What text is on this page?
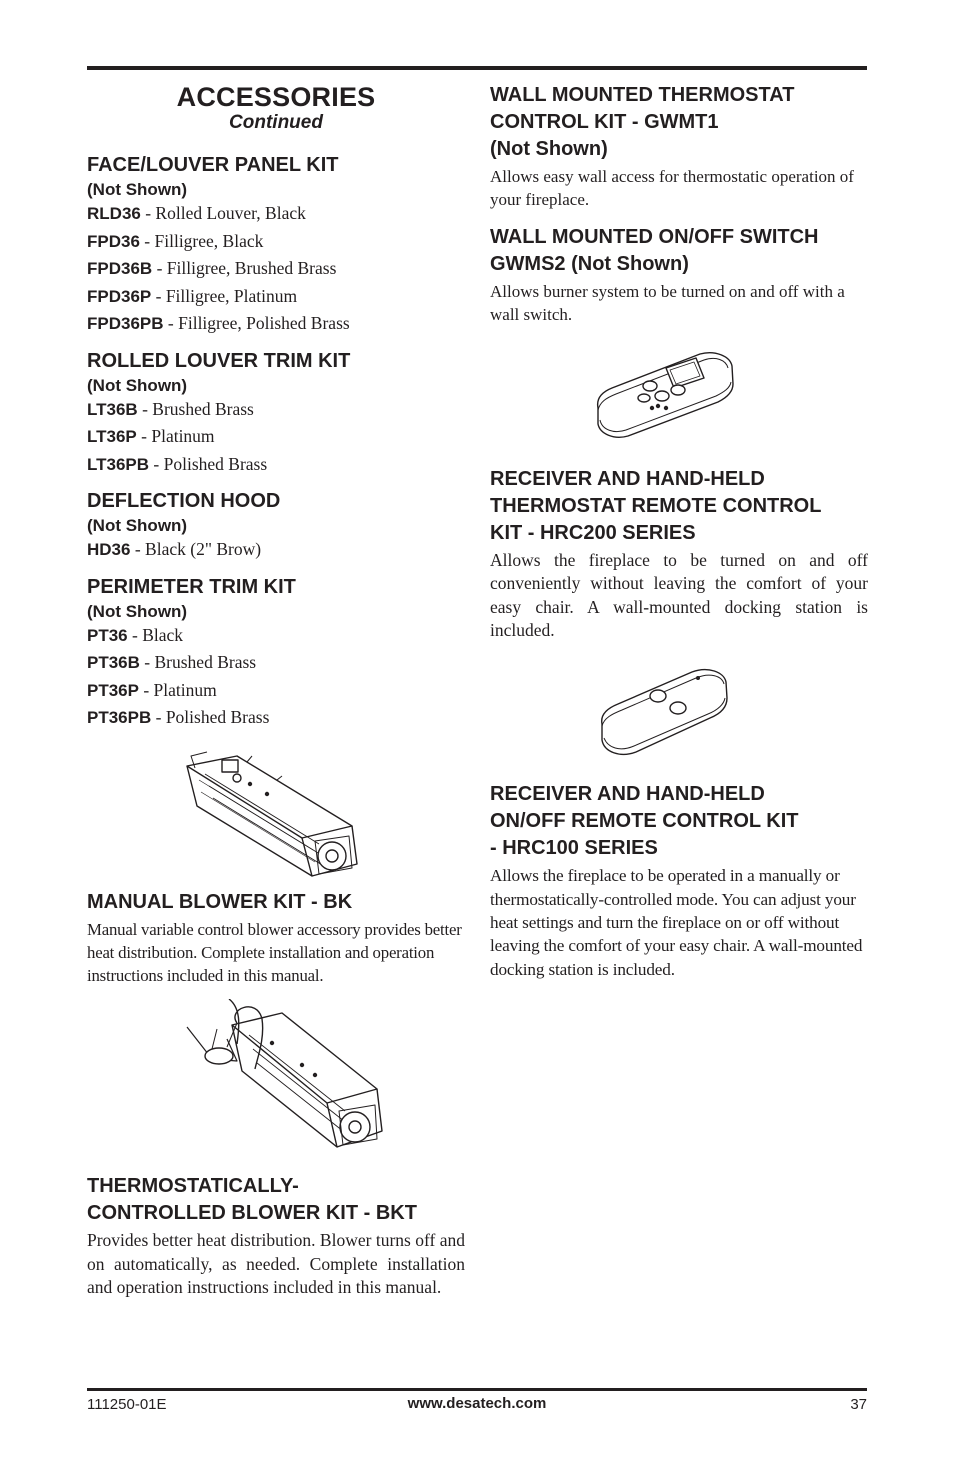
ACCESSORIES
Continued
FACE/LOUVER PANEL KIT
(Not Shown)
RLD36 - Rolled Louver, Black
FPD36 - Filligree, Black
FPD36B - Filligree, Brushed Brass
FPD36P - Filligree, Platinum
FPD36PB - Filligree, Polished Brass
ROLLED LOUVER TRIM KIT
(Not Shown)
LT36B - Brushed Brass
LT36P - Platinum
LT36PB - Polished Brass
DEFLECTION HOOD
(Not Shown)
HD36 - Black (2" Brow)
PERIMETER TRIM KIT
(Not Shown)
PT36 - Black
PT36B - Brushed Brass
PT36P - Platinum
PT36PB - Polished Brass
MANUAL BLOWER KIT - BK

Manual variable control blower accessory provides better heat distribution. Complete installation and operation instructions included in this manual.

THERMOSTATICALLY-
CONTROLLED BLOWER KIT - BKT

Provides better heat distribution. Blower turns off and on automatically, as needed. Complete installation and operation instructions included in this manual.

WALL MOUNTED THERMOSTAT
CONTROL KIT - GWMT1
(Not Shown)

Allows easy wall access for thermostatic operation of your fireplace.

WALL MOUNTED ON/OFF SWITCH
GWMS2 (Not Shown)

Allows burner system to be turned on and off with a wall switch.

RECEIVER AND HAND-HELD
THERMOSTAT REMOTE CONTROL
KIT - HRC200 SERIES

Allows the fireplace to be turned on and off conveniently without leaving the comfort of your easy chair. A wall-mounted docking station is included.

RECEIVER AND HAND-HELD
ON/OFF REMOTE CONTROL KIT
- HRC100 SERIES

Allows the fireplace to be operated in a manually or thermostatically-controlled mode. You can adjust your heat settings and turn the fireplace on or off without leaving the comfort of your easy chair. A wall-mounted docking station is included.

111250-01E	www.desatech.com	37
